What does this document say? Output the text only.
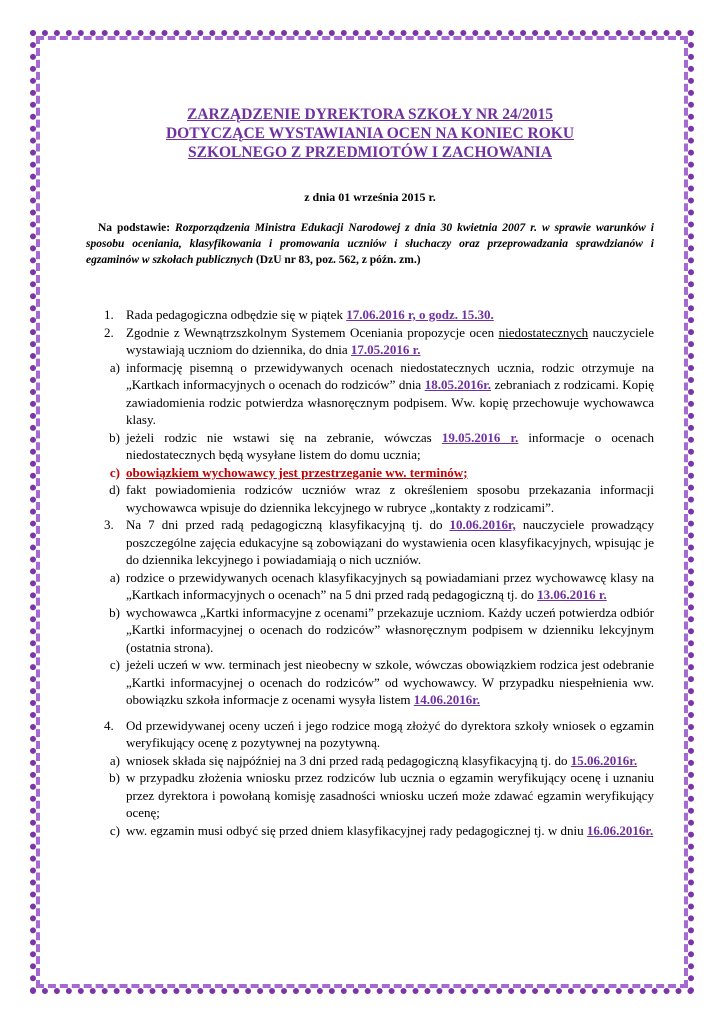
ZARZĄDZENIE DYREKTORA SZKOŁY NR 24/2015
DOTYCZĄCE WYSTAWIANIA OCEN NA KONIEC ROKU
SZKOLNEGO Z PRZEDMIOTÓW I ZACHOWANIA

z dnia 01 września 2015 r.

Na podstawie: Rozporządzenia Ministra Edukacji Narodowej z dnia 30 kwietnia 2007 r. w sprawie warunków i sposobu oceniania, klasyfikowania i promowania uczniów i słuchaczy oraz przeprowadzania sprawdzianów i egzaminów w szkołach publicznych (DzU nr 83, poz. 562, z późn. zm.)

1. Rada pedagogiczna odbędzie się w piątek 17.06.2016 r, o godz. 15.30.
2. Zgodnie z Wewnątrzszkolnym Systemem Oceniania propozycje ocen niedostatecznych nauczyciele wystawiają uczniom do dziennika, do dnia 17.05.2016 r.
a) informację pisemną o przewidywanych ocenach niedostatecznych ucznia, rodzic otrzymuje na „Kartkach informacyjnych o ocenach do rodziców” dnia 18.05.2016r. zebraniach z rodzicami. Kopię zawiadomienia rodzic potwierdza własnoręcznym podpisem. Ww. kopię przechowuje wychowawca klasy.
b) jeżeli rodzic nie wstawi się na zebranie, wówczas 19.05.2016 r. informacje o ocenach niedostatecznych będą wysyłane listem do domu ucznia;
c) obowiązkiem wychowawcy jest przestrzeganie ww. terminów;
d) fakt powiadomienia rodziców uczniów wraz z określeniem sposobu przekazania informacji wychowawca wpisuje do dziennika lekcyjnego w rubryce „kontakty z rodzicami”.
3. Na 7 dni przed radą pedagogiczną klasyfikacyjną tj. do 10.06.2016r, nauczyciele prowadzący poszczególne zajęcia edukacyjne są zobowiązani do wystawienia ocen klasyfikacyjnych, wpisując je do dziennika lekcyjnego i powiadamiają o nich uczniów.
a) rodzice o przewidywanych ocenach klasyfikacyjnych są powiadamiani przez wychowawcę klasy na „Kartkach informacyjnych o ocenach” na 5 dni przed radą pedagogiczną tj. do 13.06.2016 r.
b) wychowawca „Kartki informacyjne z ocenami” przekazuje uczniom. Każdy uczeń potwierdza odbiór „Kartki informacyjnej o ocenach do rodziców” własnoręcznym podpisem w dzienniku lekcyjnym (ostatnia strona).
c) jeżeli uczeń w ww. terminach jest nieobecny w szkole, wówczas obowiązkiem rodzica jest odebranie „Kartki informacyjnej o ocenach do rodziców” od wychowawcy. W przypadku niespełnienia ww. obowiązku szkoła informacje z ocenami wysyła listem 14.06.2016r.
4. Od przewidywanej oceny uczeń i jego rodzice mogą złożyć do dyrektora szkoły wniosek o egzamin weryfikujący ocenę z pozytywnej na pozytywną.
a) wniosek składa się najpóźniej na 3 dni przed radą pedagogiczną klasyfikacyjną tj. do 15.06.2016r.
b) w przypadku złożenia wniosku przez rodziców lub ucznia o egzamin weryfikujący ocenę i uznaniu przez dyrektora i powołaną komisję zasadności wniosku uczeń może zdawać egzamin weryfikujący ocenę;
c) ww. egzamin musi odbyć się przed dniem klasyfikacyjnej rady pedagogicznej tj. w dniu 16.06.2016r.
